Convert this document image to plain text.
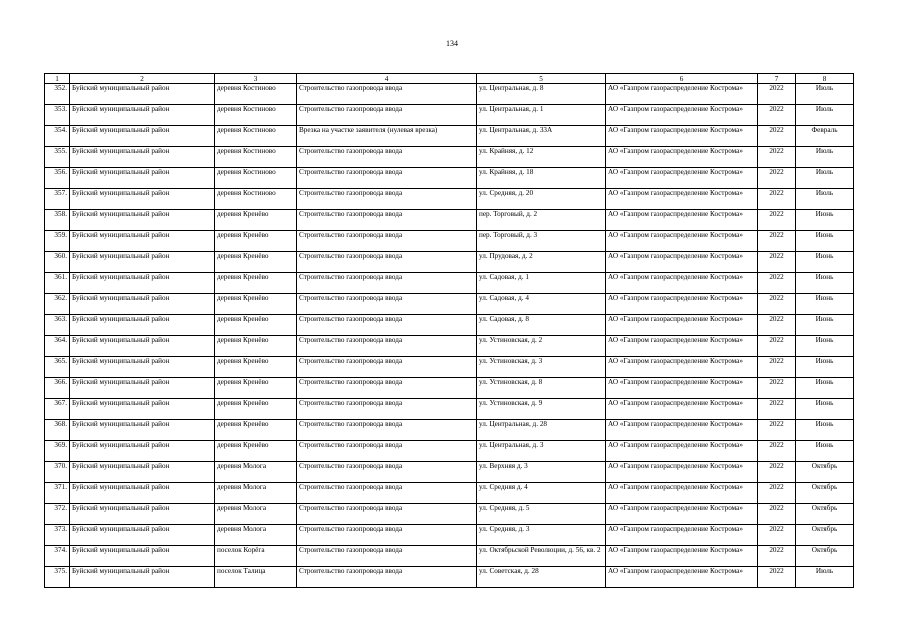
134
1	2	3	4	5	6	7	8
352.	Буйский муниципальный район	деревня Костиново	Строительство газопровода ввода	ул. Центральная, д. 8	АО «Газпром газораспределение Кострома»	2022	Июль
353.	Буйский муниципальный район	деревня Костиново	Строительство газопровода ввода	ул. Центральная, д. 1	АО «Газпром газораспределение Кострома»	2022	Июль
354.	Буйский муниципальный район	деревня Костиново	Врезка на участке заявителя (нулевая врезка)	ул. Центральная, д. 33А	АО «Газпром газораспределение Кострома»	2022	Февраль
355.	Буйский муниципальный район	деревня Костиново	Строительство газопровода ввода	ул. Крайняя, д. 12	АО «Газпром газораспределение Кострома»	2022	Июль
356.	Буйский муниципальный район	деревня Костиново	Строительство газопровода ввода	ул. Крайняя, д. 18	АО «Газпром газораспределение Кострома»	2022	Июль
357.	Буйский муниципальный район	деревня Костиново	Строительство газопровода ввода	ул. Средняя, д. 20	АО «Газпром газораспределение Кострома»	2022	Июль
358.	Буйский муниципальный район	деревня Кренёво	Строительство газопровода ввода	пер. Торговый, д. 2	АО «Газпром газораспределение Кострома»	2022	Июнь
359.	Буйский муниципальный район	деревня Кренёво	Строительство газопровода ввода	пер. Торговый, д. 3	АО «Газпром газораспределение Кострома»	2022	Июнь
360.	Буйский муниципальный район	деревня Кренёво	Строительство газопровода ввода	ул. Прудовая, д. 2	АО «Газпром газораспределение Кострома»	2022	Июнь
361.	Буйский муниципальный район	деревня Кренёво	Строительство газопровода ввода	ул. Садовая, д. 1	АО «Газпром газораспределение Кострома»	2022	Июнь
362.	Буйский муниципальный район	деревня Кренёво	Строительство газопровода ввода	ул. Садовая, д. 4	АО «Газпром газораспределение Кострома»	2022	Июнь
363.	Буйский муниципальный район	деревня Кренёво	Строительство газопровода ввода	ул. Садовая, д. 8	АО «Газпром газораспределение Кострома»	2022	Июнь
364.	Буйский муниципальный район	деревня Кренёво	Строительство газопровода ввода	ул. Устиновская, д. 2	АО «Газпром газораспределение Кострома»	2022	Июнь
365.	Буйский муниципальный район	деревня Кренёво	Строительство газопровода ввода	ул. Устиновская, д. 3	АО «Газпром газораспределение Кострома»	2022	Июнь
366.	Буйский муниципальный район	деревня Кренёво	Строительство газопровода ввода	ул. Устиновская, д. 8	АО «Газпром газораспределение Кострома»	2022	Июнь
367.	Буйский муниципальный район	деревня Кренёво	Строительство газопровода ввода	ул. Устиновская, д. 9	АО «Газпром газораспределение Кострома»	2022	Июнь
368.	Буйский муниципальный район	деревня Кренёво	Строительство газопровода ввода	ул. Центральная, д. 28	АО «Газпром газораспределение Кострома»	2022	Июнь
369.	Буйский муниципальный район	деревня Кренёво	Строительство газопровода ввода	ул. Центральная, д. 3	АО «Газпром газораспределение Кострома»	2022	Июнь
370.	Буйский муниципальный район	деревня Молога	Строительство газопровода ввода	ул. Верхняя д. 3	АО «Газпром газораспределение Кострома»	2022	Октябрь
371.	Буйский муниципальный район	деревня Молога	Строительство газопровода ввода	ул. Средняя д. 4	АО «Газпром газораспределение Кострома»	2022	Октябрь
372.	Буйский муниципальный район	деревня Молога	Строительство газопровода ввода	ул. Средняя, д. 5	АО «Газпром газораспределение Кострома»	2022	Октябрь
373.	Буйский муниципальный район	деревня Молога	Строительство газопровода ввода	ул. Средняя, д. 3	АО «Газпром газораспределение Кострома»	2022	Октябрь
374.	Буйский муниципальный район	поселок Корёга	Строительство газопровода ввода	ул. Октябрьской Революции, д. 56, кв. 2	АО «Газпром газораспределение Кострома»	2022	Октябрь
375.	Буйский муниципальный район	поселок Талица	Строительство газопровода ввода	ул. Советская, д. 28	АО «Газпром газораспределение Кострома»	2022	Июль
